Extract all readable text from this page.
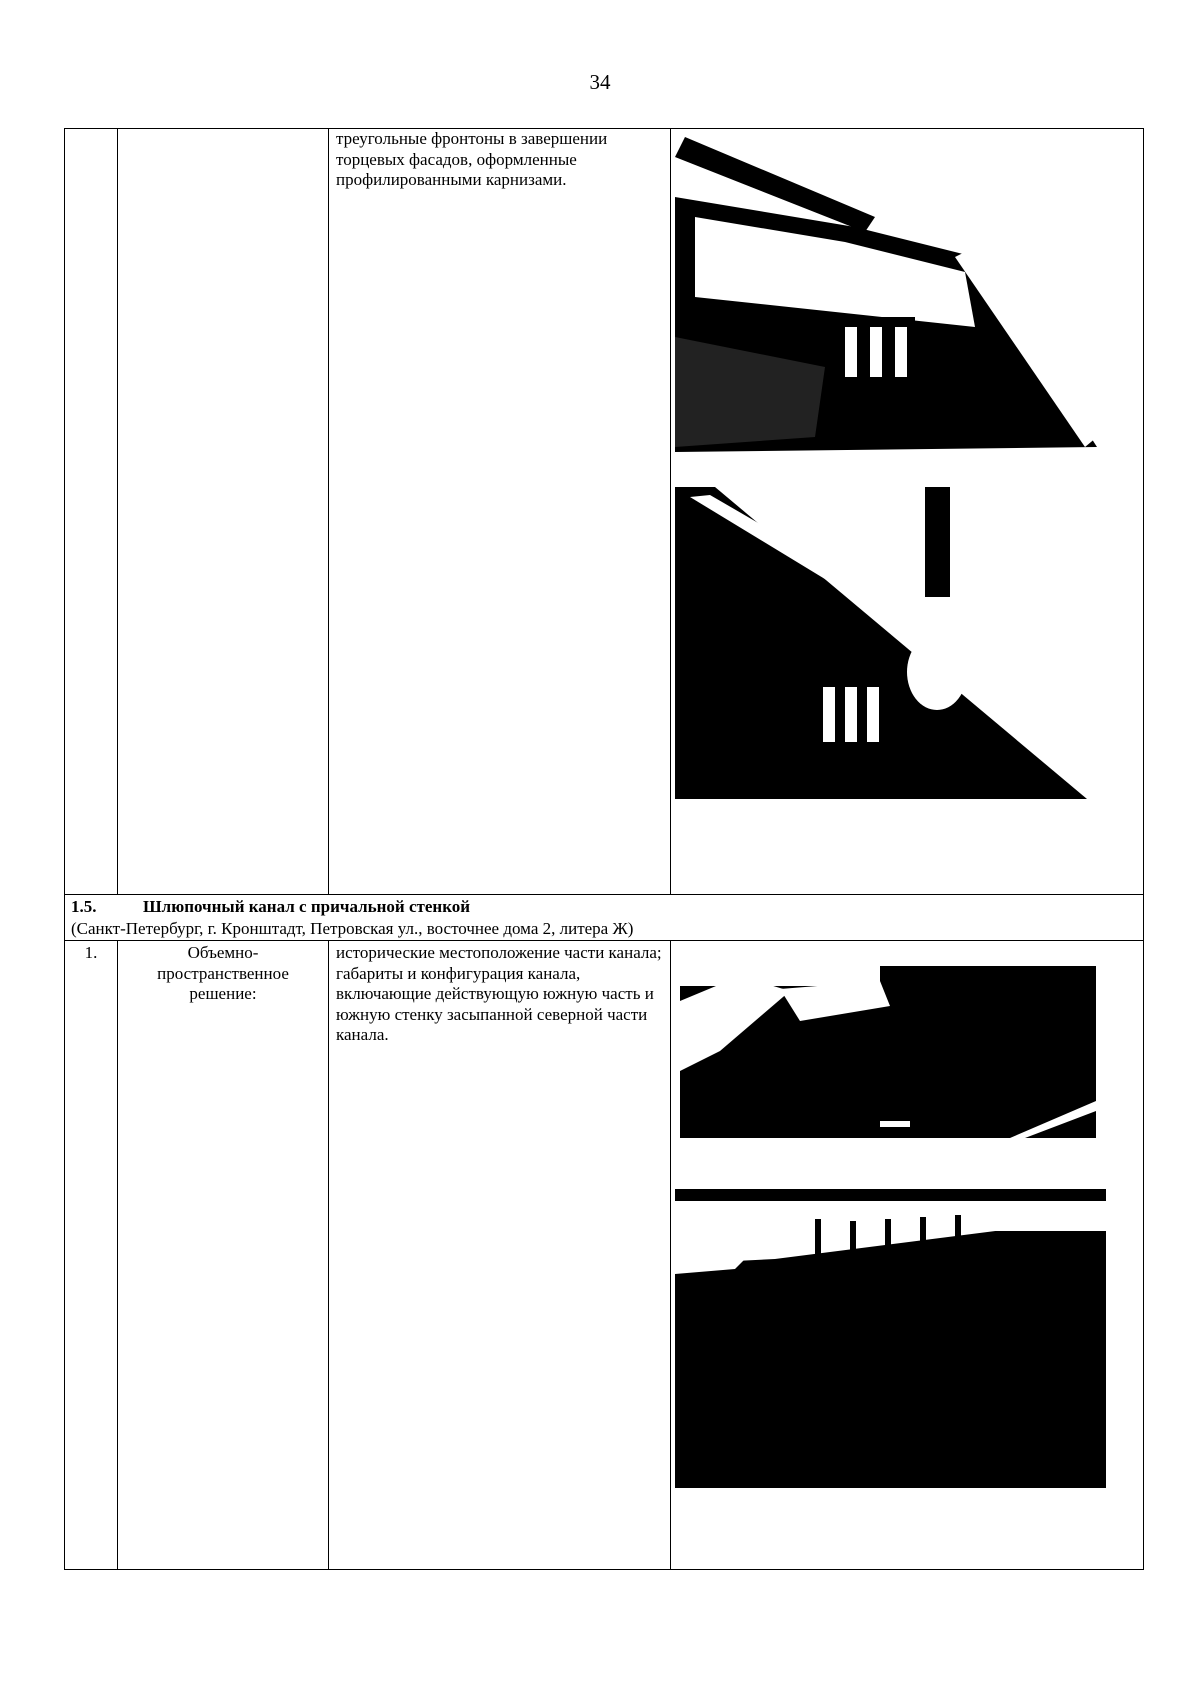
34
треугольные фронтоны в завершении торцевых фасадов, оформленные профилированными карнизами.
1.5.	Шлюпочный канал с причальной стенкой
(Санкт-Петербург, г. Кронштадт, Петровская ул., восточнее дома 2, литера Ж)
1.	Объемно-
пространственное
решение:
исторические местоположение части канала; габариты и конфигурация канала, включающие действующую южную часть и южную стенку засыпанной северной части канала.
